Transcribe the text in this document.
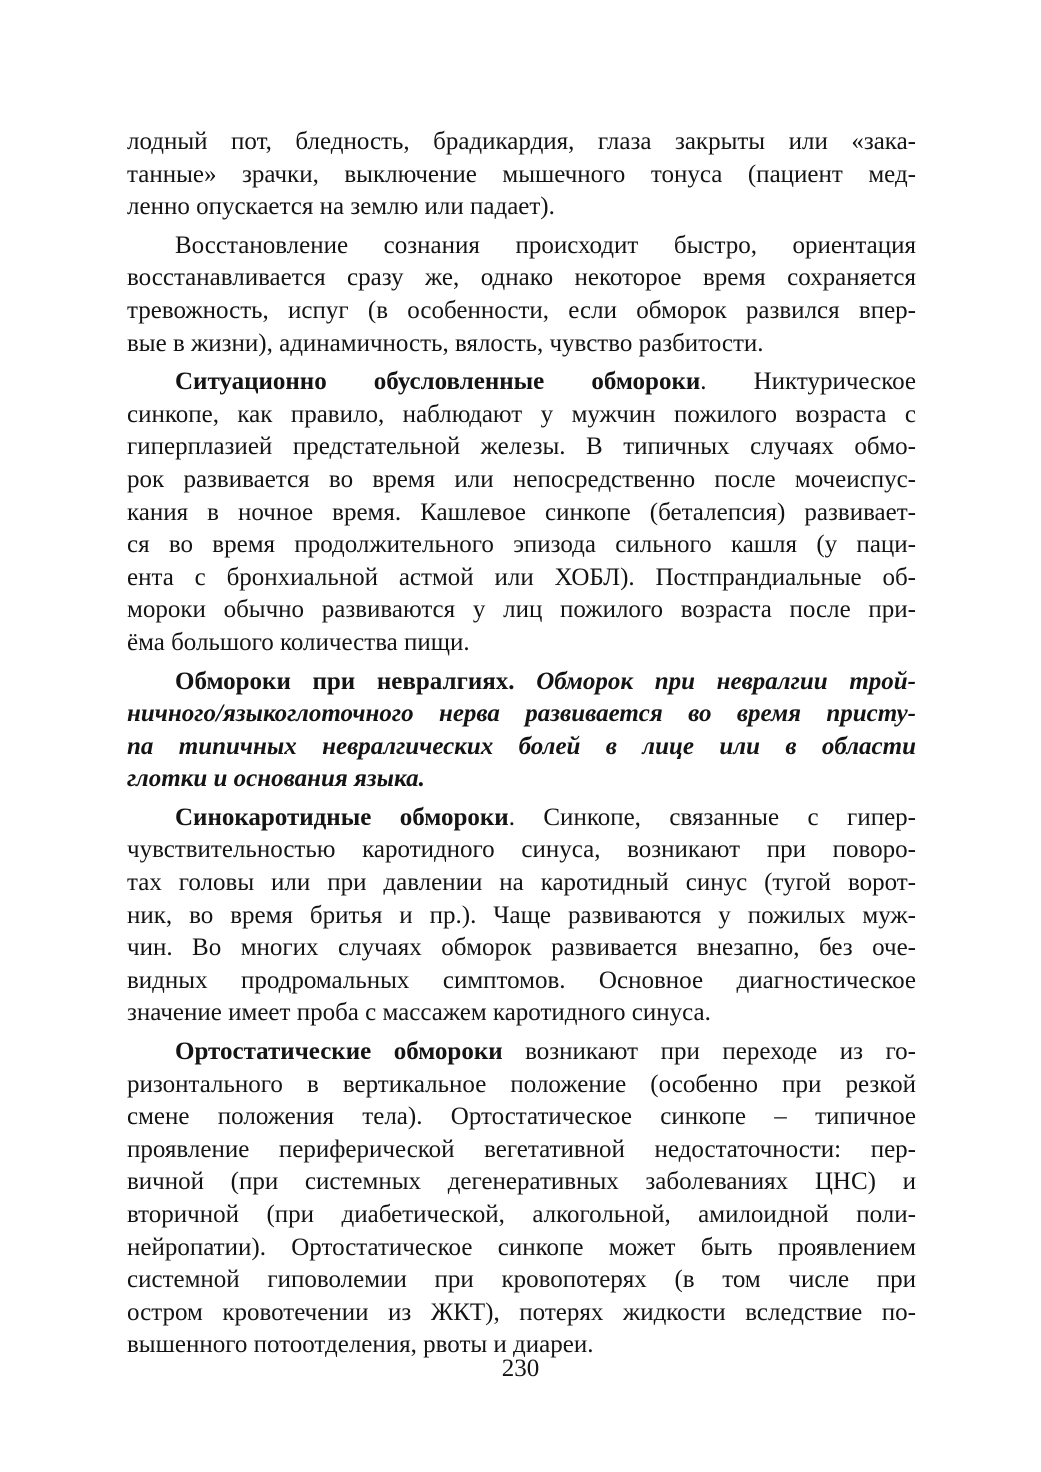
лодный пот, бледность, брадикардия, глаза закрыты или «зака-
танные» зрачки, выключение мышечного тонуса (пациент мед-
ленно опускается на землю или падает).

Восстановление сознания происходит быстро, ориентация
восстанавливается сразу же, однако некоторое время сохраняется
тревожность, испуг (в особенности, если обморок развился впер-
вые в жизни), адинамичность, вялость, чувство разбитости.

Ситуационно обусловленные обмороки. Никтурическое
синкопе, как правило, наблюдают у мужчин пожилого возраста с
гиперплазией предстательной железы. В типичных случаях обмо-
рок развивается во время или непосредственно после мочеиспус-
кания в ночное время. Кашлевое синкопе (беталепсия) развивает-
ся во время продолжительного эпизода сильного кашля (у паци-
ента с бронхиальной астмой или ХОБЛ). Постпрандиальные об-
мороки обычно развиваются у лиц пожилого возраста после при-
ёма большого количества пищи.

Обмороки при невралгиях. Обморок при невралгии трой-
ничного/языкоглоточного нерва развивается во время присту-
па типичных невралгических болей в лице или в области
глотки и основания языка.

Синокаротидные обмороки. Синкопе, связанные с гипер-
чувствительностью каротидного синуса, возникают при поворо-
тах головы или при давлении на каротидный синус (тугой ворот-
ник, во время бритья и пр.). Чаще развиваются у пожилых муж-
чин. Во многих случаях обморок развивается внезапно, без оче-
видных продромальных симптомов. Основное диагностическое
значение имеет проба с массажем каротидного синуса.

Ортостатические обмороки возникают при переходе из го-
ризонтального в вертикальное положение (особенно при резкой
смене положения тела). Ортостатическое синкопе – типичное
проявление периферической вегетативной недостаточности: пер-
вичной (при системных дегенеративных заболеваниях ЦНС) и
вторичной (при диабетической, алкогольной, амилоидной поли-
нейропатии). Ортостатическое синкопе может быть проявлением
системной гиповолемии при кровопотерях (в том числе при
остром кровотечении из ЖКТ), потерях жидкости вследствие по-
вышенного потоотделения, рвоты и диареи.

230
